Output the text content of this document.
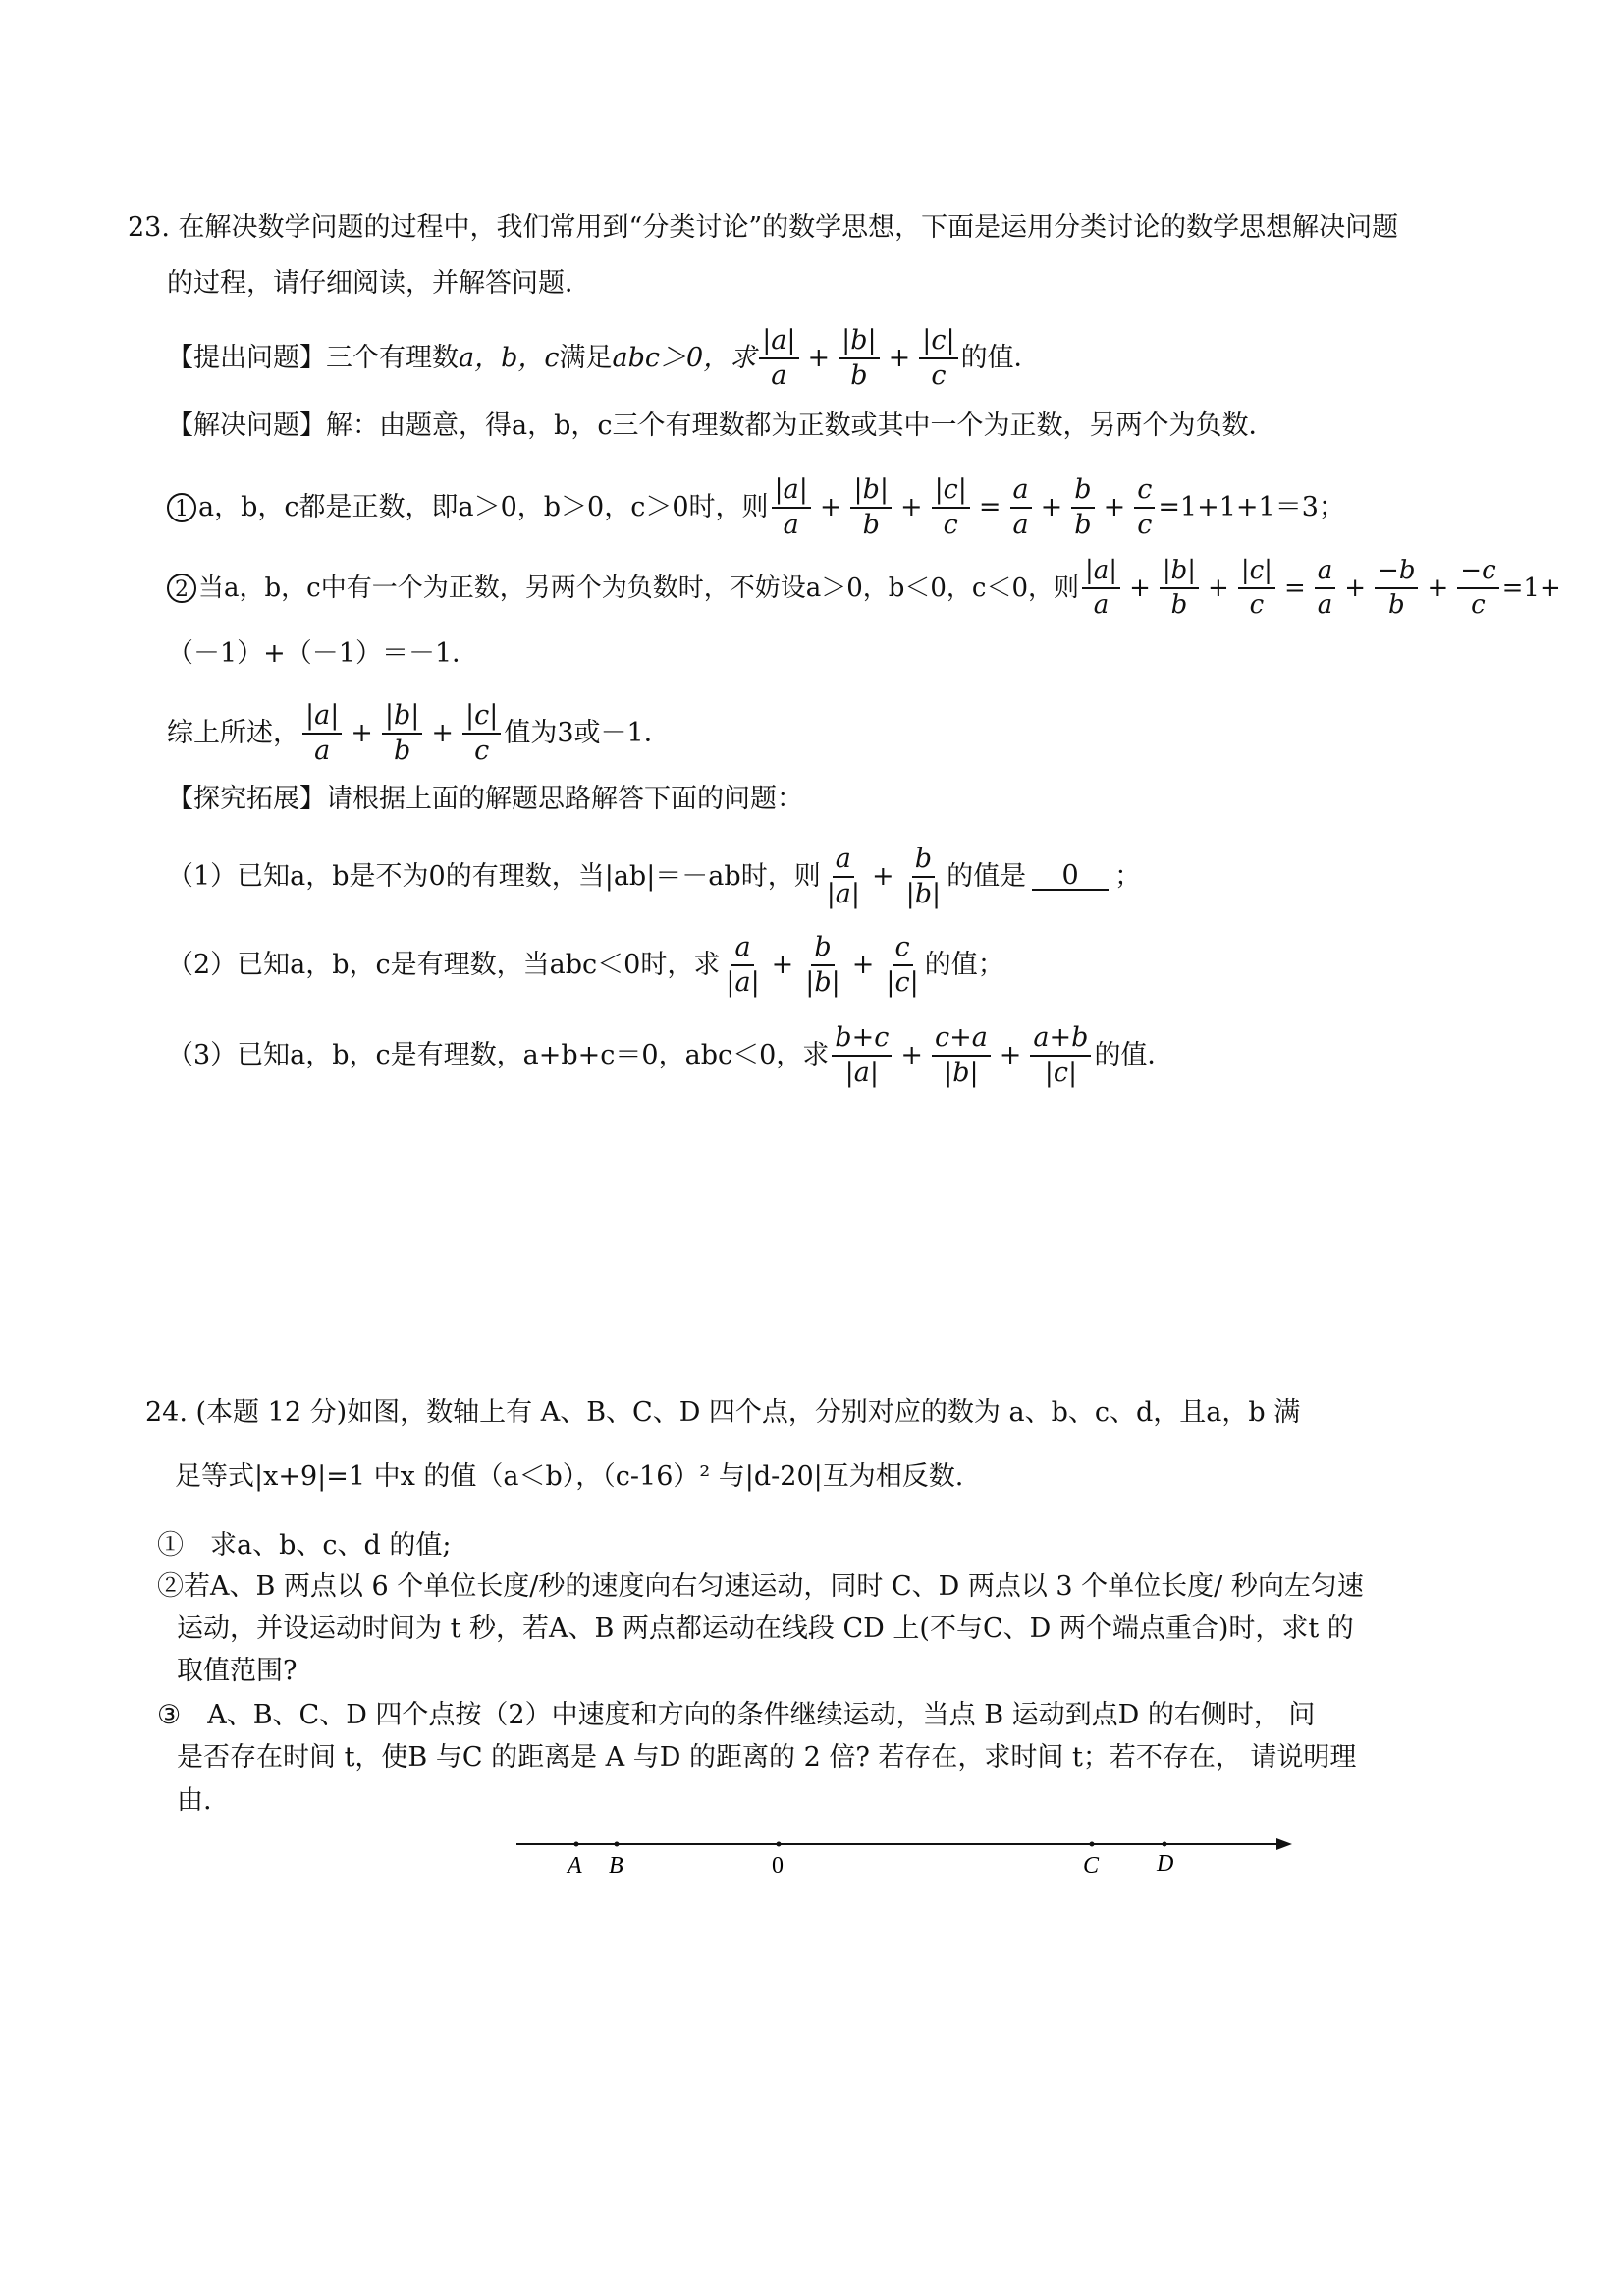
23. 在解决数学问题的过程中，我们常用到“分类讨论”的数学思想，下面是运用分类讨论的数学思想解决问题
的过程，请仔细阅读，并解答问题．
【提出问题】三个有理数 a，b，c 满足 abc＞0，求 $\frac{|a|}{a} + \frac{|b|}{b} + \frac{|c|}{c}$ 的值．
【解决问题】解：由题意，得a，b，c三个有理数都为正数或其中一个为正数，另两个为负数．
1 a，b，c都是正数，即a＞0，b＞0，c＞0时，则 $\frac{|a|}{a} + \frac{|b|}{b} + \frac{|c|}{c} = \frac{a}{a} + \frac{b}{b} + \frac{c}{c} =1+1+1=3$；
2 当a，b，c中有一个为正数，另两个为负数时，不妨设a＞0，b＜0，c＜0，则 $\frac{|a|}{a} + \frac{|b|}{b} + \frac{|c|}{c} = \frac{a}{a} + \frac{-b}{b} + \frac{-c}{c} =1+$
（－1）+（－1）＝－1．
综上所述， $\frac{|a|}{a} + \frac{|b|}{b} + \frac{|c|}{c}$ 值为3或－1．
【探究拓展】请根据上面的解题思路解答下面的问题：
（1）已知a，b是不为0的有理数，当|ab|＝－ab时，则 $\frac{a}{|a|} + \frac{b}{|b|}$ 的值是	0	；
（2）已知a，b，c是有理数，当abc＜0时，求 $\frac{a}{|a|} + \frac{b}{|b|} + \frac{c}{|c|}$ 的值；
（3）已知a，b，c是有理数，a+b+c＝0，abc＜0，求 $\frac{b+c}{|a|} + \frac{c+a}{|b|} + \frac{a+b}{|c|}$ 的值．
24. (本题 12 分)如图，数轴上有 A、B、C、D 四个点，分别对应的数为 a、b、c、d，且a，b 满
足等式|x+9|=1 中x 的值（a＜b），（c-16）² 与|d-20|互为相反数.
①　求a、b、c、d 的值;
②若A、B 两点以 6 个单位长度/秒的速度向右匀速运动，同时 C、D 两点以 3 个单位长度/ 秒向左匀速
运动，并设运动时间为 t 秒，若A、B 两点都运动在线段 CD 上(不与C、D 两个端点重合)时，求t 的
取值范围?
③　A、B、C、D 四个点按（2）中速度和方向的条件继续运动，当点 B 运动到点D 的右侧时， 问
是否存在时间 t，使B 与C 的距离是 A 与D 的距离的 2 倍? 若存在，求时间 t；若不存在， 请说明理
由.
A B	0	C D
